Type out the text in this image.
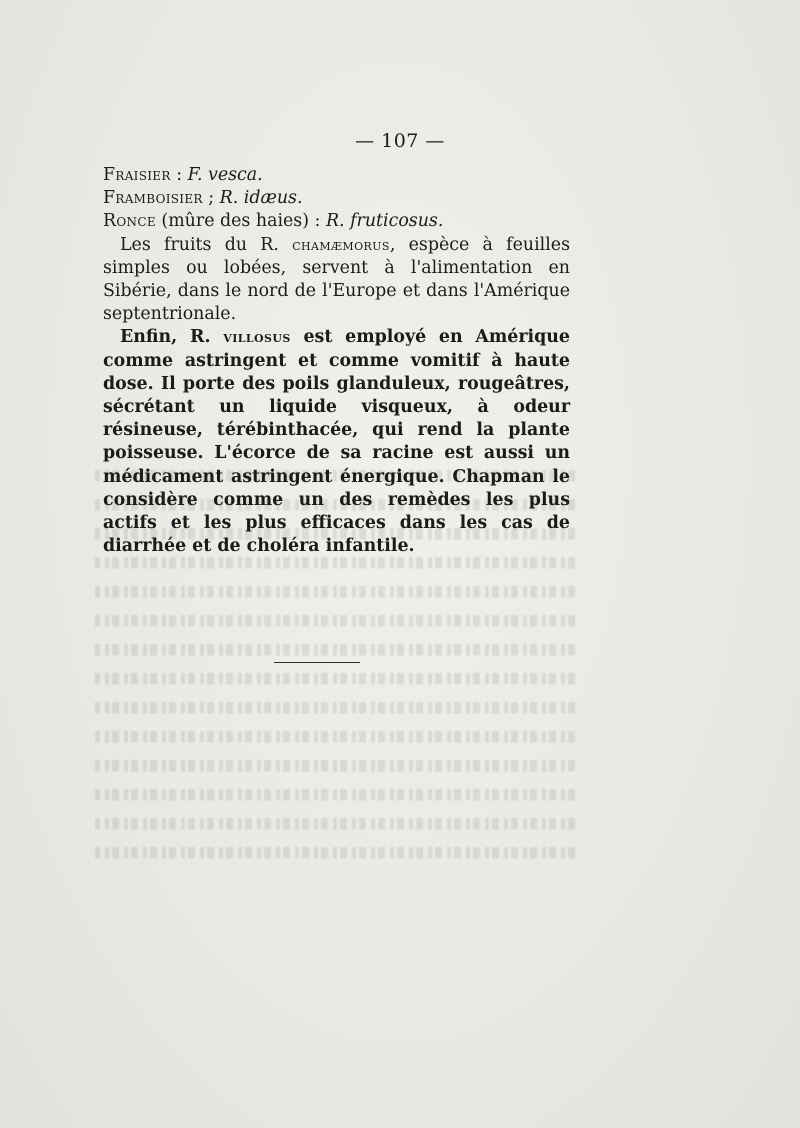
— 107 —

Fraisier : F. vesca.

Framboisier ; R. idæus.

Ronce (mûre des haies) : R. fruticosus.

Les fruits du R. chamæmorus, espèce à feuilles simples ou lobées, servent à l'alimentation en Sibérie, dans le nord de l'Europe et dans l'Amérique septentrionale.

Enfin, R. villosus est employé en Amérique comme astringent et comme vomitif à haute dose. Il porte des poils glanduleux, rougeâtres, sécrétant un liquide visqueux, à odeur résineuse, térébinthacée, qui rend la plante poisseuse. L'écorce de sa racine est aussi un médicament astringent énergique. Chapman le considère comme un des remèdes les plus actifs et les plus efficaces dans les cas de diarrhée et de choléra infantile.
